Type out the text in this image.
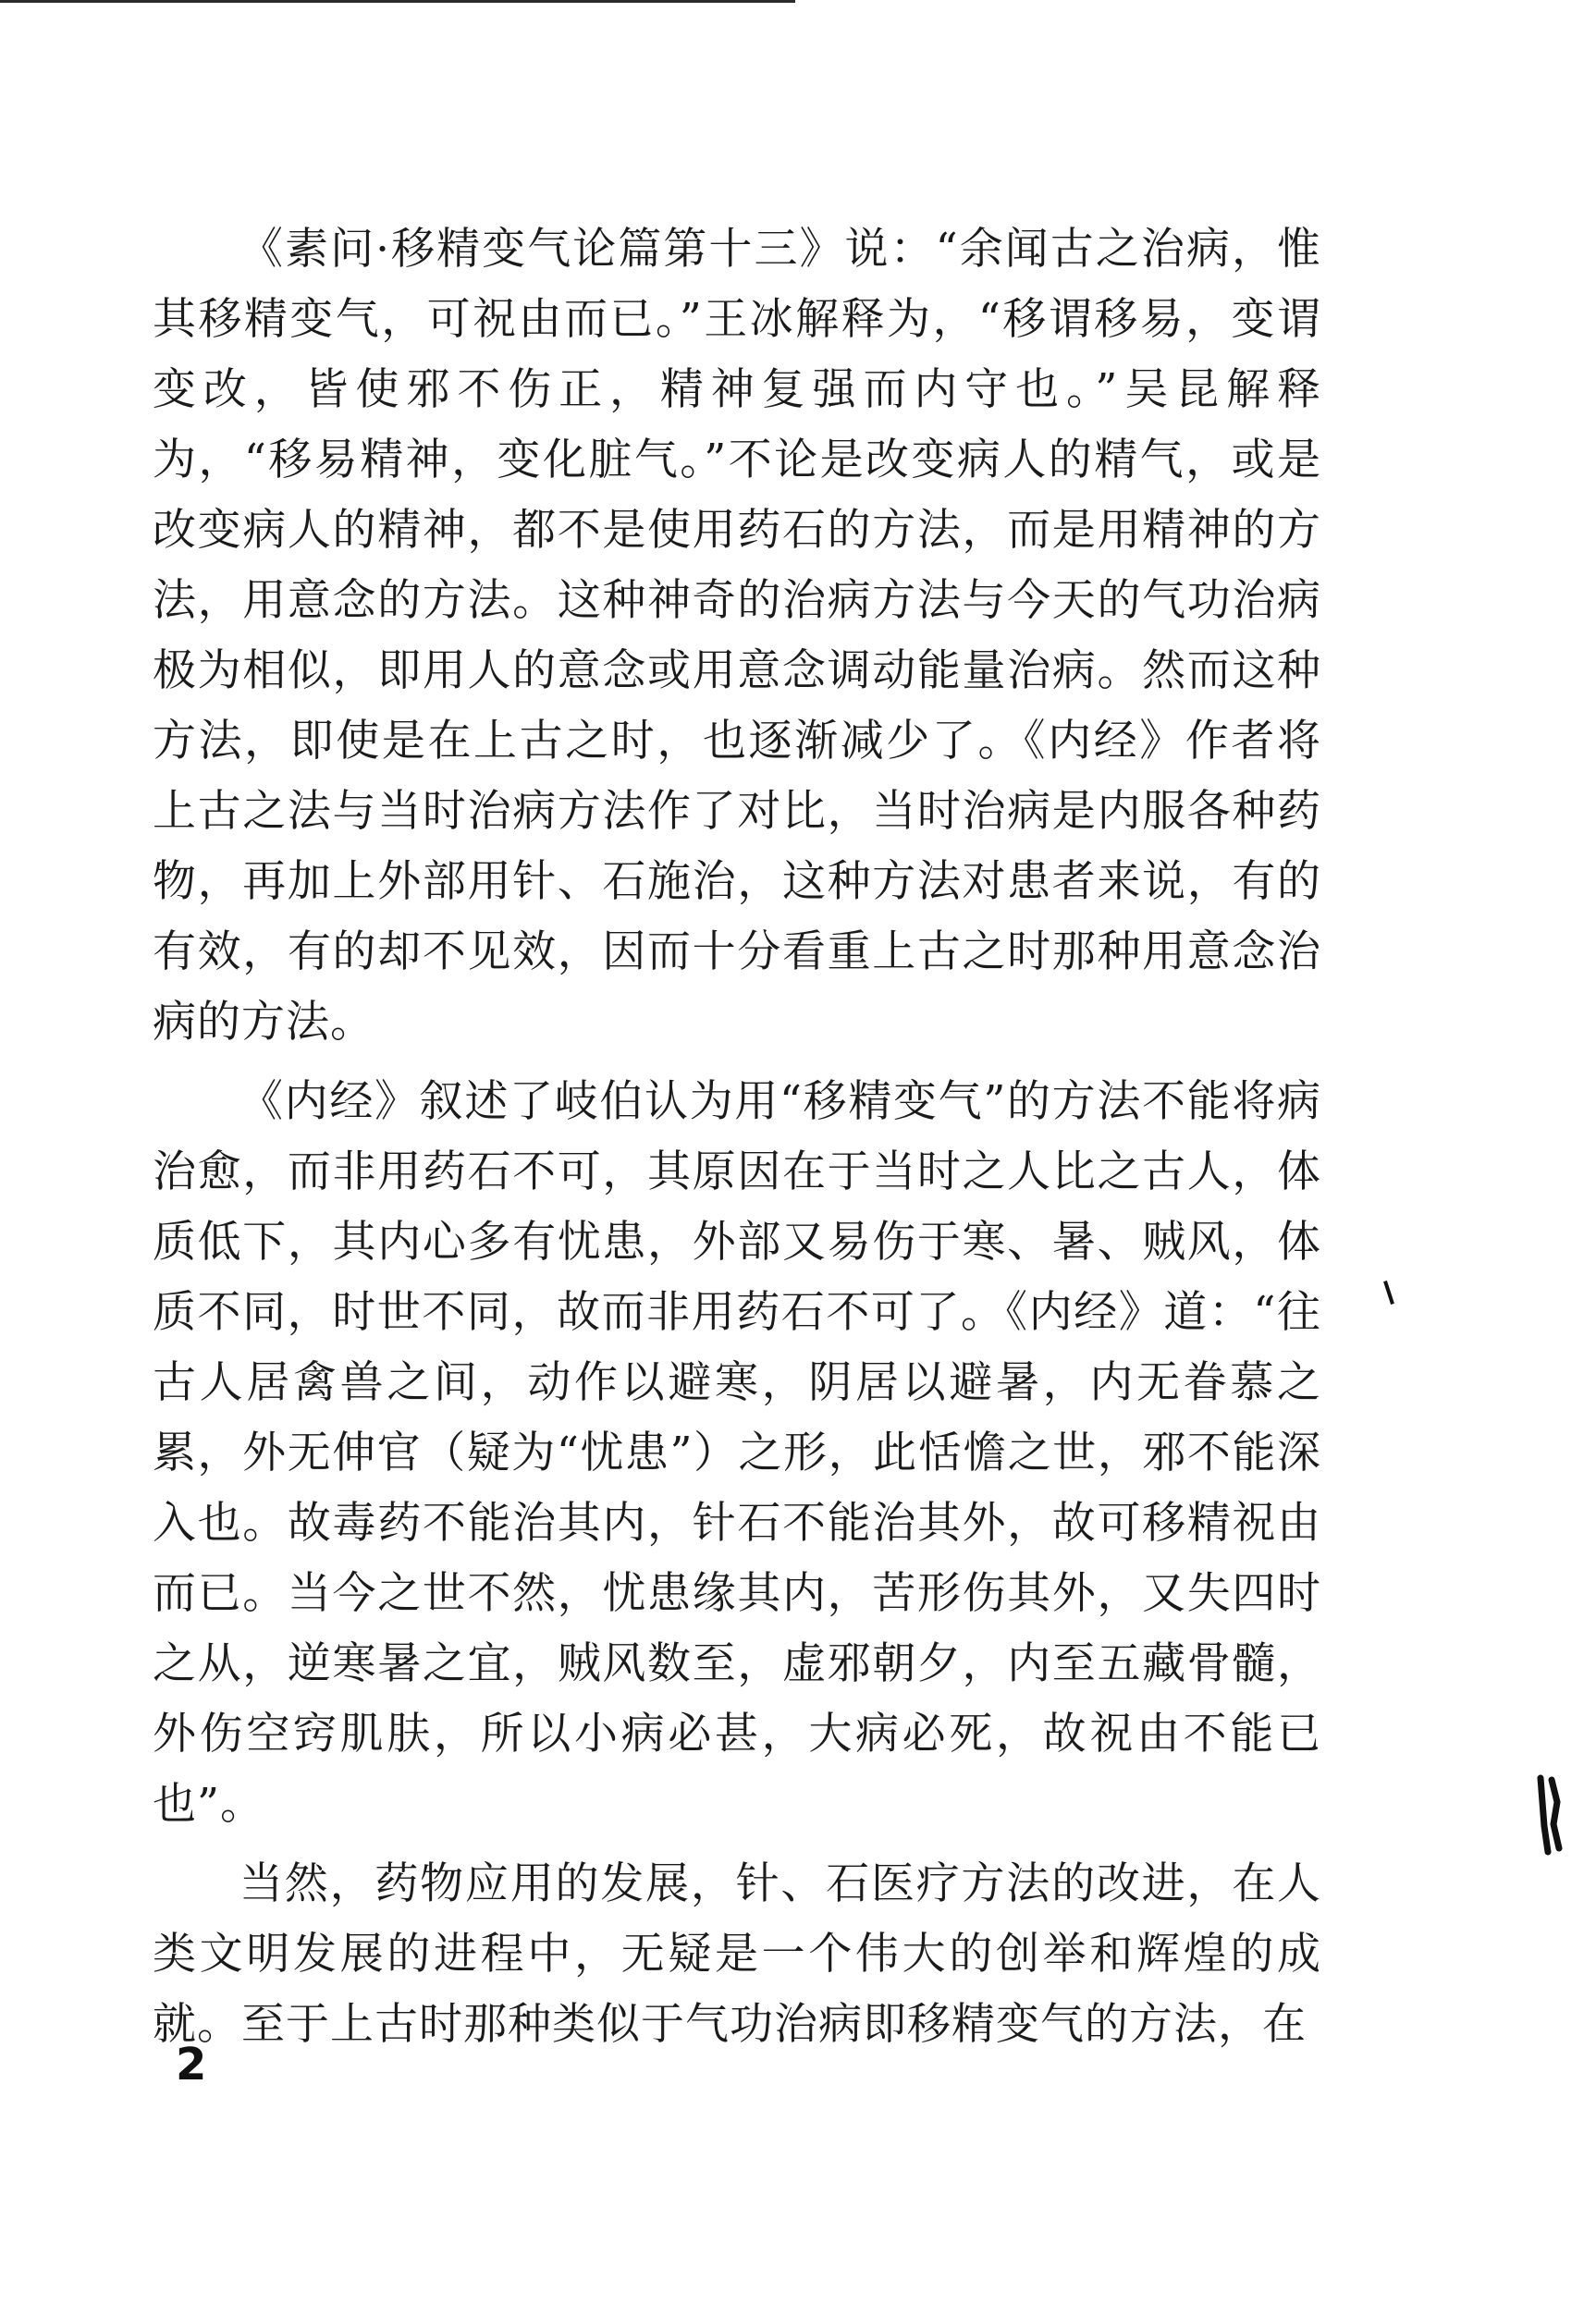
《素问·移精变气论篇第十三》说：“余闻古之治病，惟其移精变气，可祝由而已。”王冰解释为，“移谓移易，变谓变改，皆使邪不伤正，精神复强而内守也。”吴昆解释为，“移易精神，变化脏气。”不论是改变病人的精气，或是改变病人的精神，都不是使用药石的方法，而是用精神的方法，用意念的方法。这种神奇的治病方法与今天的气功治病极为相似，即用人的意念或用意念调动能量治病。然而这种方法，即使是在上古之时，也逐渐减少了。《内经》作者将上古之法与当时治病方法作了对比，当时治病是内服各种药物，再加上外部用针、石施治，这种方法对患者来说，有的有效，有的却不见效，因而十分看重上古之时那种用意念治病的方法。

《内经》叙述了岐伯认为用“移精变气”的方法不能将病治愈，而非用药石不可，其原因在于当时之人比之古人，体质低下，其内心多有忧患，外部又易伤于寒、暑、贼风，体质不同，时世不同，故而非用药石不可了。《内经》道：“往古人居禽兽之间，动作以避寒，阴居以避暑，内无眷慕之累，外无伸官（疑为“忧患”）之形，此恬憺之世，邪不能深入也。故毒药不能治其内，针石不能治其外，故可移精祝由而已。当今之世不然，忧患缘其内，苦形伤其外，又失四时之从，逆寒暑之宜，贼风数至，虚邪朝夕，内至五藏骨髓，外伤空窍肌肤，所以小病必甚，大病必死，故祝由不能已也”。

当然，药物应用的发展，针、石医疗方法的改进，在人类文明发展的进程中，无疑是一个伟大的创举和辉煌的成就。至于上古时那种类似于气功治病即移精变气的方法，在

2
